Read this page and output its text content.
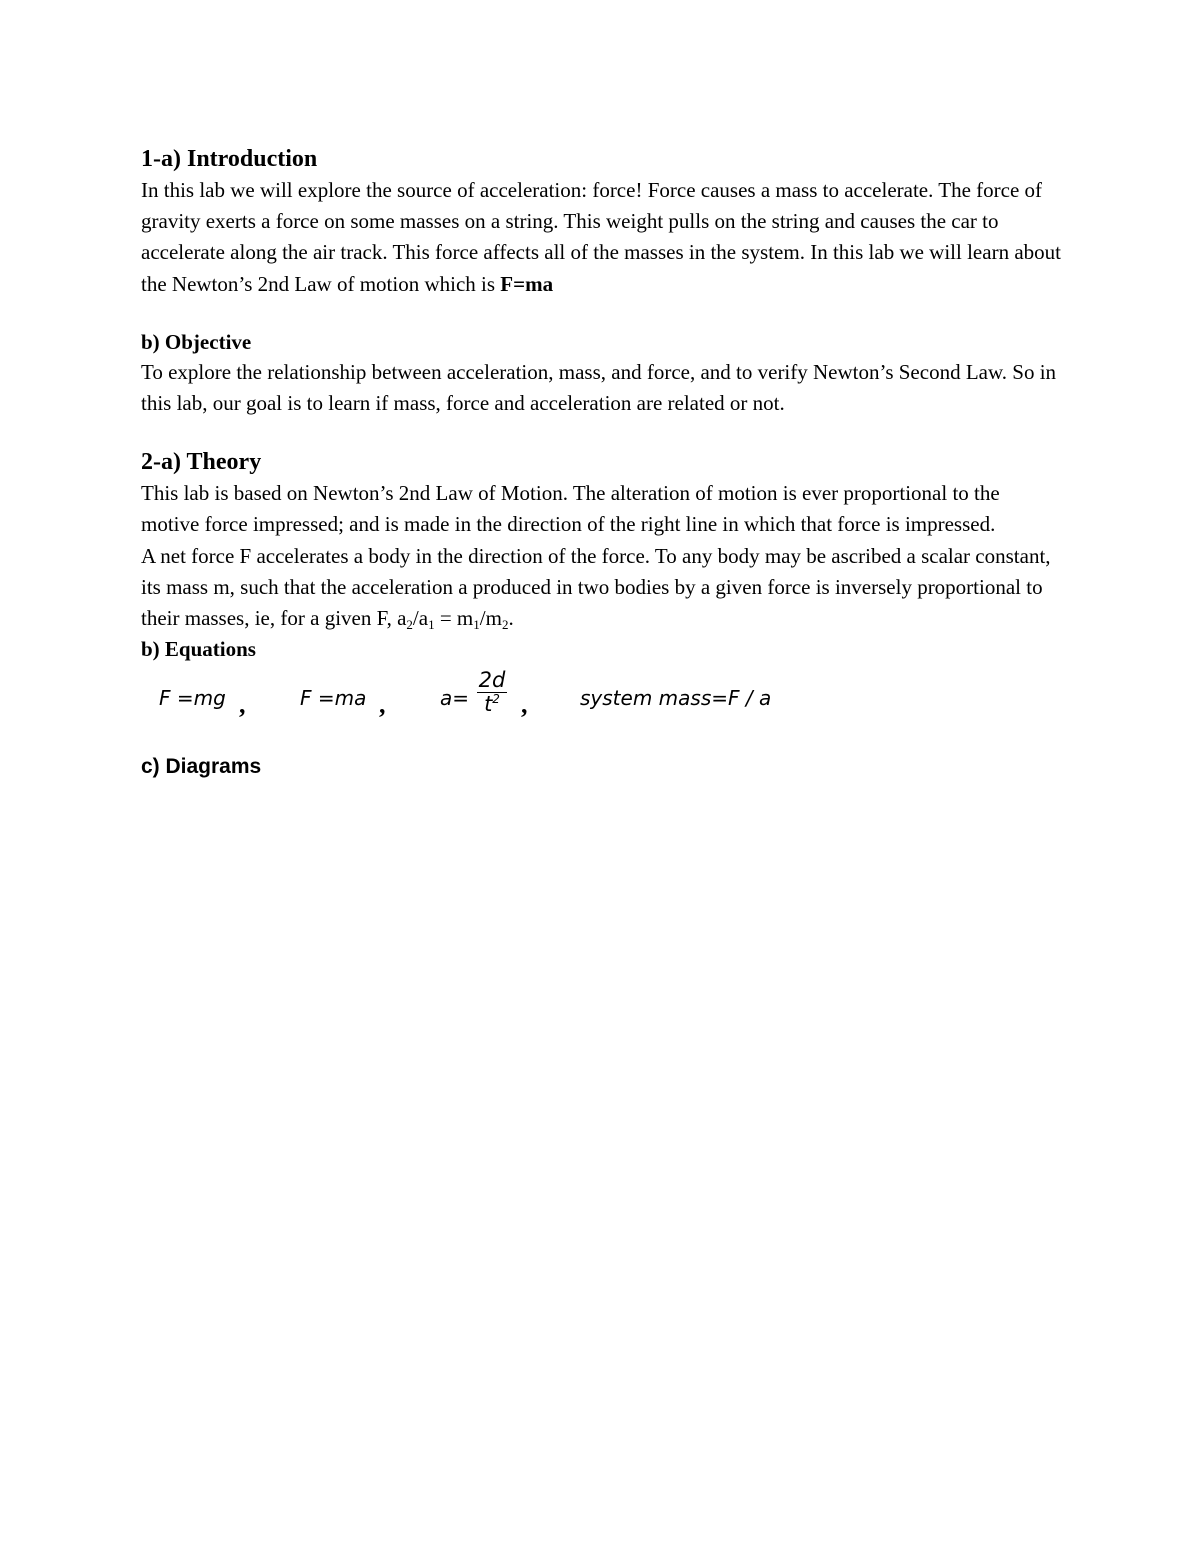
1-a) Introduction

In this lab we will explore the source of acceleration: force! Force causes a mass to accelerate. The force of gravity exerts a force on some masses on a string. This weight pulls on the string and causes the car to accelerate along the air track. This force affects all of the masses in the system. In this lab we will learn about the Newton’s 2nd Law of motion which is F=ma

b) Objective

To explore the relationship between acceleration, mass, and force, and to verify Newton’s Second Law. So in this lab, our goal is to learn if mass, force and acceleration are related or not.

2-a) Theory

This lab is based on Newton’s 2nd Law of Motion. The alteration of motion is ever proportional to the motive force impressed; and is made in the direction of the right line in which that force is impressed.

A net force F accelerates a body in the direction of the force. To any body may be ascribed a scalar constant, its mass m, such that the acceleration a produced in two bodies by a given force is inversely proportional to their masses, ie, for a given F, $a_2/a_1 = m_1/m_2$.

b) Equations

F =mg ,	F =ma ,	$a= \frac{2d}{t^2}$ ,	system mass=F / a

c) Diagrams
